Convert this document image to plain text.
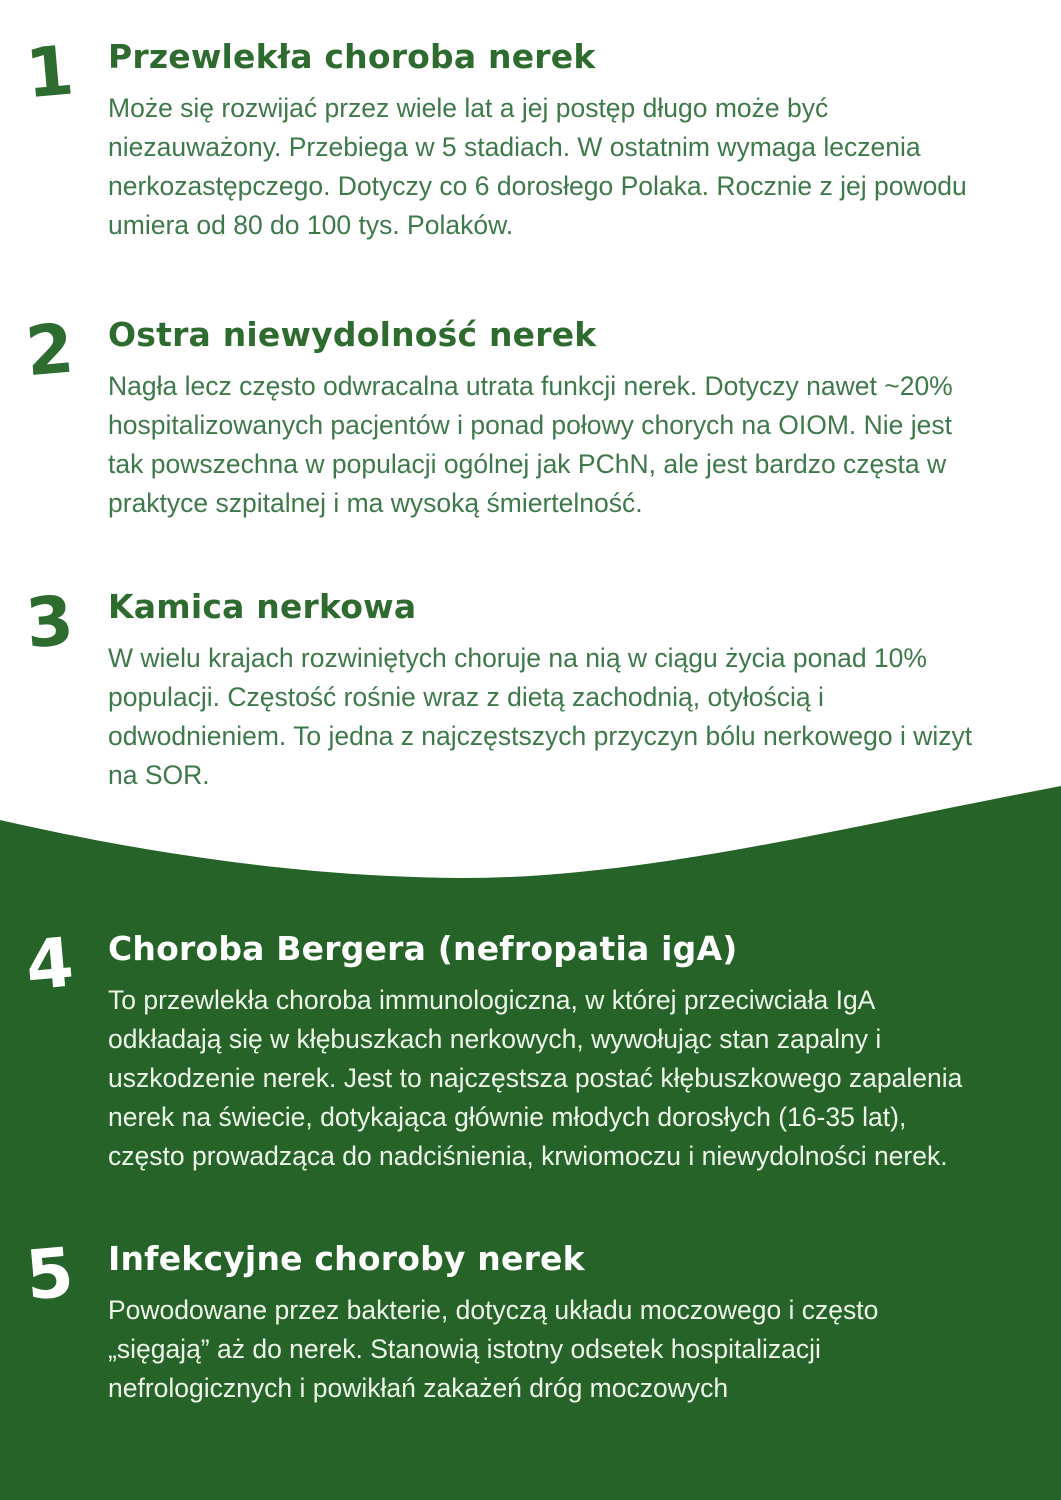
1 Przewlekła choroba nerek
Może się rozwijać przez wiele lat a jej postęp długo może być niezauważony. Przebiega w 5 stadiach. W ostatnim wymaga leczenia nerkozastępczego. Dotyczy co 6 dorosłego Polaka. Rocznie z jej powodu umiera od 80 do 100 tys. Polaków.
2 Ostra niewydolność nerek
Nagła lecz często odwracalna utrata funkcji nerek. Dotyczy nawet ~20% hospitalizowanych pacjentów i ponad połowy chorych na OIOM. Nie jest tak powszechna w populacji ogólnej jak PChN, ale jest bardzo częsta w praktyce szpitalnej i ma wysoką śmiertelność.
3 Kamica nerkowa
W wielu krajach rozwiniętych choruje na nią w ciągu życia ponad 10% populacji. Częstość rośnie wraz z dietą zachodnią, otyłością i odwodnieniem. To jedna z najczęstszych przyczyn bólu nerkowego i wizyt na SOR.
4 Choroba Bergera (nefropatia igA)
To przewlekła choroba immunologiczna, w której przeciwciała IgA odkładają się w kłębuszkach nerkowych, wywołując stan zapalny i uszkodzenie nerek. Jest to najczęstsza postać kłębuszkowego zapalenia nerek na świecie, dotykająca głównie młodych dorosłych (16-35 lat), często prowadząca do nadciśnienia, krwiomoczu i niewydolności nerek.
5 Infekcyjne choroby nerek
Powodowane przez bakterie, dotyczą układu moczowego i często „sięgają” aż do nerek. Stanowią istotny odsetek hospitalizacji nefrologicznych i powikłań zakażeń dróg moczowych
